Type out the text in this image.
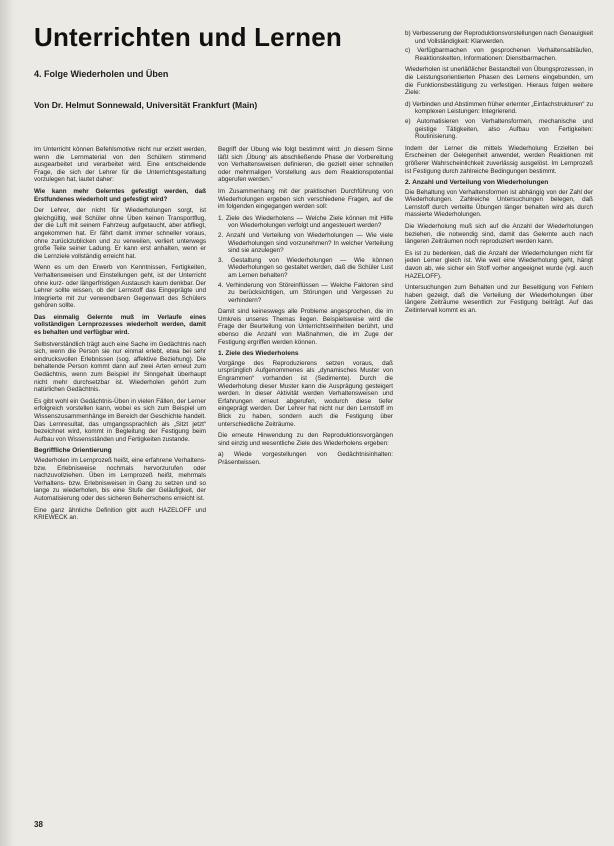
Unterrichten und Lernen
4. Folge Wiederholen und Üben
Von Dr. Helmut Sonnewald, Universität Frankfurt (Main)

Im Unterricht können Befehlsmotive nicht nur erzielt werden, wenn die Lernmaterial von den Schülern stimmend ausgearbeitet und verarbeitet wird. Eine entscheidende Frage, die sich der Lehrer für die Unterrichtsgestaltung vorzulegen hat, lautet daher:

Wie kann mehr Gelerntes gefestigt werden, daß Erstfundenes wiederholt und gefestigt wird?

Der Lehrer, der nicht für Wiederholungen sorgt, ist gleichgültig, weil Schüler ohne Üben keinen Transportflug, der die Luft mit seinem Fahrzeug aufgetaucht, aber abfliegt, angekommen hat. Er fährt damit immer schneller voraus, ohne zurückzublicken und zu verweilen, verliert unterwegs große Teile seiner Ladung. Er kann erst anhalten, wenn er die Lernziele vollständig erreicht hat.

Wenn es um den Erwerb von Kenntnissen, Fertigkeiten, Verhaltensweisen und Einstellungen geht, ist der Unterricht ohne kurz- oder längerfristigen Austausch kaum denkbar. Der Lehrer sollte wissen, ob der Lernstoff das Eingeprägte und Integrierte mit zur verwendbaren Gegenwart des Schülers gehören sollte.

Das einmalig Gelernte muß im Verlaufe eines vollständigen Lernprozesses wiederholt werden, damit es behalten und verfügbar wird.

Selbstverständlich trägt auch eine Sache im Gedächtnis nach sich, wenn die Person sie nur einmal erlebt, etwa bei sehr eindrucksvollen Erlebnissen (sog. affektive Beziehung). Die behaltende Person kommt dann auf zwei Arten erneut zum Gedächtnis, wenn zum Beispiel ihr Sinngehalt überhaupt nicht mehr durchsetzbar ist. Wiederholen gehört zum natürlichen Gedächtnis.

Es gibt wohl ein Gedächtnis-Üben in vielen Fällen, der Lerner erfolgreich vorstellen kann, wobei es sich zum Beispiel um Wissenszusammenhänge im Bereich der Geschichte handelt. Das Lernresultat, das umgangssprachlich als „Sitzt jetzt“ bezeichnet wird, kommt in Begleitung der Festigung beim Aufbau von Wissensständen und Fertigkeiten zustande.

Begriffliche Orientierung

Wiederholen im Lernprozeß heißt, eine erfahrene Verhaltens- bzw. Erlebnisweise nochmals hervorzurufen oder nachzuvollziehen. Üben im Lernprozeß heißt, mehrmals Verhaltens- bzw. Erlebnisweisen in Gang zu setzen und so lange zu wiederholen, bis eine Stufe der Geläufigkeit, der Automatisierung oder des sicheren Beherrschens erreicht ist.

Eine ganz ähnliche Definition gibt auch HAZELOFF und KRIEWECK an.

Begriff der Übung wie folgt bestimmt wird: „In diesem Sinne läßt sich ‚Übung‘ als abschließende Phase der Vorbereitung von Verhaltensweisen definieren, die gezielt einer schnellen oder mehrmaligen Vorstellung aus dem Reaktionspotential abgerufen werden.“

Im Zusammenhang mit der praktischen Durchführung von Wiederholungen ergeben sich verschiedene Fragen, auf die im folgenden eingegangen werden soll:

1. Ziele des Wiederholens — Welche Ziele können mit Hilfe von Wiederholungen verfolgt und angesteuert werden?
2. Anzahl und Verteilung von Wiederholungen — Wie viele Wiederholungen sind vorzunehmen? In welcher Verteilung sind sie anzulegen?
3. Gestaltung von Wiederholungen — Wie können Wiederholungen so gestaltet werden, daß die Schüler Lust am Lernen behalten?
4. Verhinderung von Störeinflüssen — Welche Faktoren sind zu berücksichtigen, um Störungen und Vergessen zu verhindern?

Damit sind keineswegs alle Probleme angesprochen, die im Umkreis unseres Themas liegen. Beispielsweise wird die Frage der Beurteilung von Unterrichtseinheiten berührt, und ebenso die Anzahl von Maßnahmen, die im Zuge der Festigung ergriffen werden können.

1. Ziele des Wiederholens

Vorgänge des Reproduzierens setzen voraus, daß ursprünglich Aufgenommenes als „dynamisches Muster von Engrammen“ vorhanden ist (Sedimente). Durch die Wiederholung dieser Muster kann die Ausprägung gesteigert werden. In dieser Aktivität werden Verhaltensweisen und Erfahrungen erneut abgerufen, wodurch diese tiefer eingeprägt werden. Der Lehrer hat nicht nur den Lernstoff im Blick zu haben, sondern auch die Festigung über unterschiedliche Zeiträume.

Die erneute Hinwendung zu den Reproduktionsvorgängen sind einzig und wesentliche Ziele des Wiederholens ergeben:

a) Wiede vorgestellungen von Gedächtnisinhalten: Präsentwissen.

b) Verbesserung der Reproduktionsvorstellungen nach Genauigkeit und Vollständigkeit: Klarwerden.
c) Verfügbarmachen von gesprochenen Verhaltensabläufen, Reaktionsketten, Informationen: Dienstbarmachen.

Wiederholen ist unerläßlicher Bestandteil von Übungsprozessen, in die Leistungsorientierten Phasen des Lernens eingebunden, um die Funktionsbestätigung zu verfestigen. Hieraus folgen weitere Ziele:

d) Verbinden und Abstimmen früher erlernter „Einfachstrukturen“ zu komplexen Leistungen: Integrierend.
e) Automatisieren von Verhaltensformen, mechanische und geistige Tätigkeiten, also Aufbau von Fertigkeiten: Routinisierung.

Indem der Lerner die mittels Wiederholung Erzielten bei Erscheinen der Gelegenheit anwendet, werden Reaktionen mit größerer Wahrscheinlichkeit zuverlässig ausgelöst. Im Lernprozeß ist Festigung durch zahlreiche Bedingungen bestimmt.

2. Anzahl und Verteilung von Wiederholungen

Die Behaltung von Verhaltensformen ist abhängig von der Zahl der Wiederholungen. Zahlreiche Untersuchungen belegen, daß Lernstoff durch verteilte Übungen länger behalten wird als durch massierte Wiederholungen.

Die Wiederholung muß sich auf die Anzahl der Wiederholungen beziehen, die notwendig sind, damit das Gelernte auch nach längeren Zeiträumen noch reproduziert werden kann.

Es ist zu bedenken, daß die Anzahl der Wiederholungen nicht für jeden Lerner gleich ist. Wie weit eine Wiederholung geht, hängt davon ab, wie sicher ein Stoff vorher angeeignet wurde (vgl. auch HAZELOFF).

Untersuchungen zum Behalten und zur Beseitigung von Fehlern haben gezeigt, daß die Verteilung der Wiederholungen über längere Zeiträume wesentlich zur Festigung beiträgt. Auf das Zeitintervall kommt es an.

38
